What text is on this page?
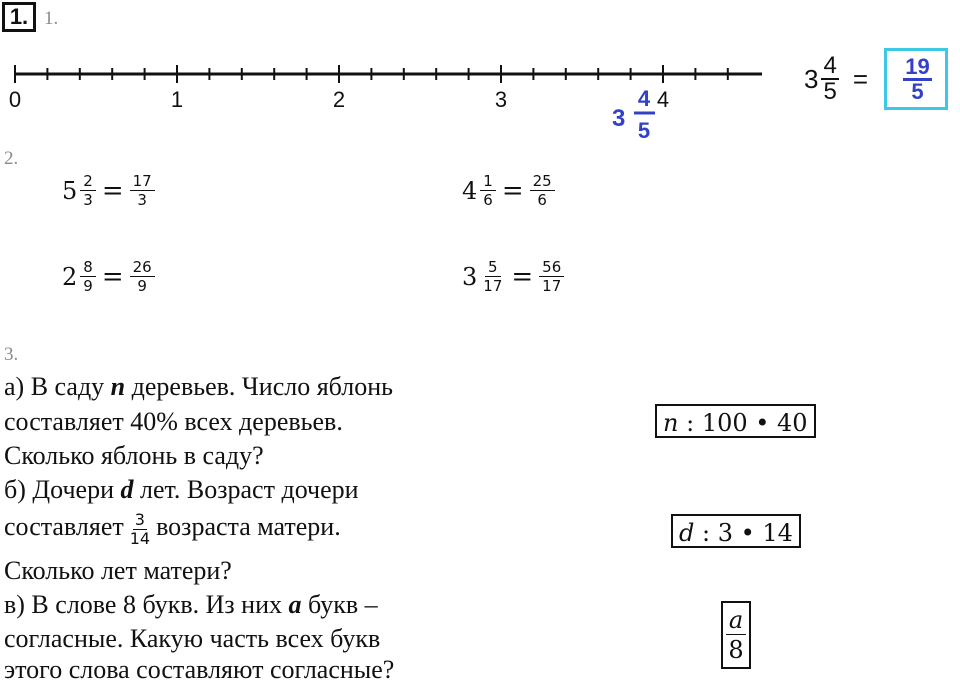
1. 1.
0	1	2	3	4
3
4
5
$3 \frac{4}{5} = \frac{19}{5}$
2.
$5 \frac{2}{3} = \frac{17}{3}$	$4 \frac{1}{6} = \frac{25}{6}$
$2 \frac{8}{9} = \frac{26}{9}$	$3 \frac{5}{17} = \frac{56}{17}$
3.
а) В саду n деревьев. Число яблонь
составляет 40% всех деревьев.
Сколько яблонь в саду?
б) Дочери d лет. Возраст дочери
составляет $\frac{3}{14}$ возраста матери.
Сколько лет матери?
в) В слове 8 букв. Из них a букв –
согласные. Какую часть всех букв
этого слова составляют согласные?
n : 100 • 40
d : 3 • 14
$\frac{a}{8}$
